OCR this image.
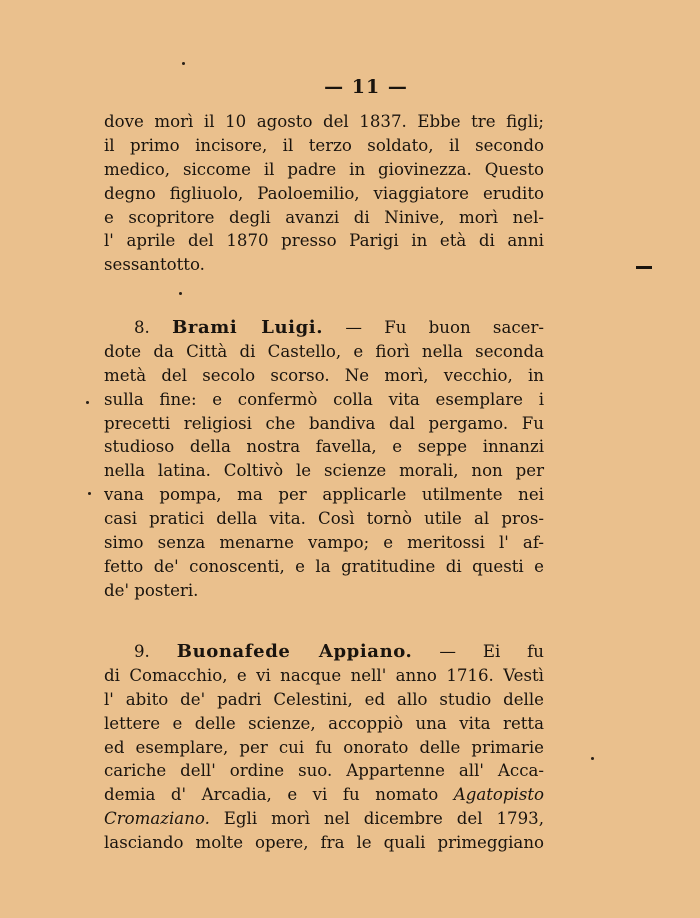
— 11 —
dove morì il 10 agosto del 1837. Ebbe tre figli;
il primo incisore, il terzo soldato, il secondo
medico, siccome il padre in giovinezza. Questo
degno figliuolo, Paoloemilio, viaggiatore erudito
e scopritore degli avanzi di Ninive, morì nel-
l' aprile del 1870 presso Parigi in età di anni
sessantotto.
8. Brami Luigi. — Fu buon sacer-
dote da Città di Castello, e fiorì nella seconda
metà del secolo scorso. Ne morì, vecchio, in
sulla fine: e confermò colla vita esemplare i
precetti religiosi che bandiva dal pergamo. Fu
studioso della nostra favella, e seppe innanzi
nella latina. Coltivò le scienze morali, non per
vana pompa, ma per applicarle utilmente nei
casi pratici della vita. Così tornò utile al pros-
simo senza menarne vampo; e meritossi l' af-
fetto de' conoscenti, e la gratitudine di questi e
de' posteri.
9. Buonafede Appiano. — Ei fu
di Comacchio, e vi nacque nell' anno 1716. Vestì
l' abito de' padri Celestini, ed allo studio delle
lettere e delle scienze, accoppiò una vita retta
ed esemplare, per cui fu onorato delle primarie
cariche dell' ordine suo. Appartenne all' Acca-
demia d' Arcadia, e vi fu nomato Agatopisto
Cromaziano. Egli morì nel dicembre del 1793,
lasciando molte opere, fra le quali primeggiano
